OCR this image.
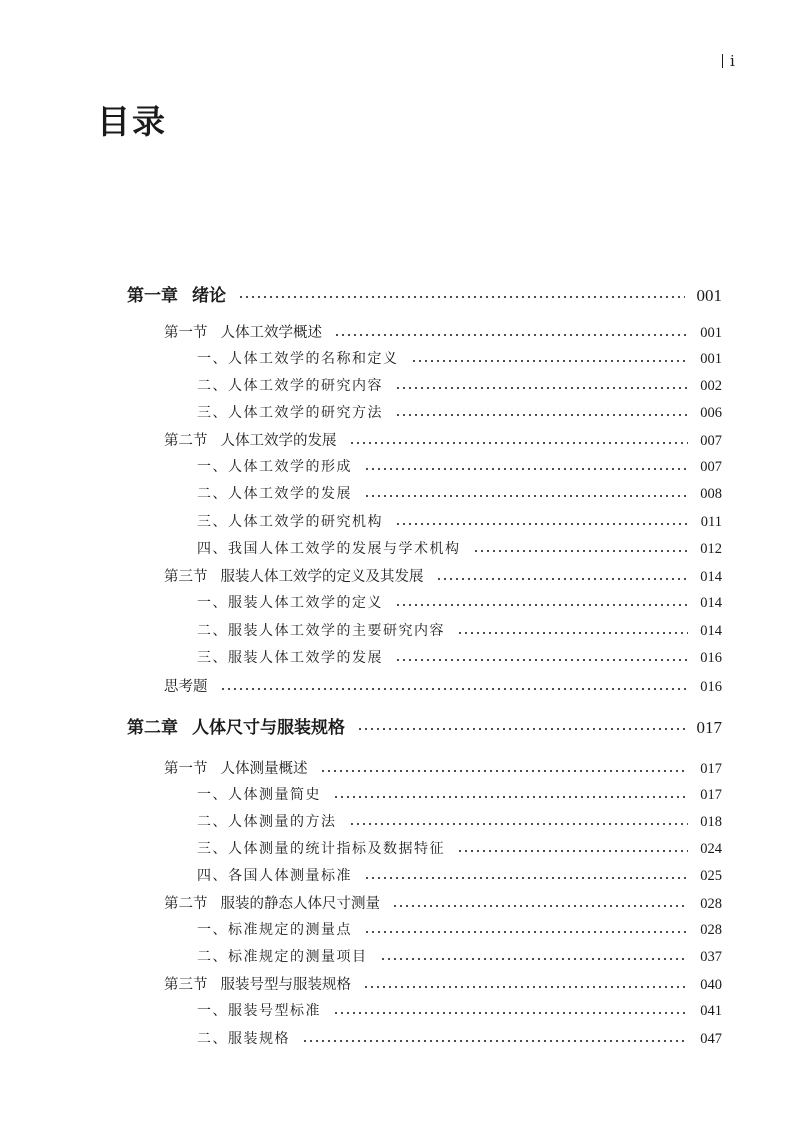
i
目录
第一章 绪论	001
第一节 人体工效学概述	001
一、人体工效学的名称和定义	001
二、人体工效学的研究内容	002
三、人体工效学的研究方法	006
第二节 人体工效学的发展	007
一、人体工效学的形成	007
二、人体工效学的发展	008
三、人体工效学的研究机构	011
四、我国人体工效学的发展与学术机构	012
第三节 服装人体工效学的定义及其发展	014
一、服装人体工效学的定义	014
二、服装人体工效学的主要研究内容	014
三、服装人体工效学的发展	016
思考题	016
第二章 人体尺寸与服装规格	017
第一节 人体测量概述	017
一、人体测量简史	017
二、人体测量的方法	018
三、人体测量的统计指标及数据特征	024
四、各国人体测量标准	025
第二节 服装的静态人体尺寸测量	028
一、标准规定的测量点	028
二、标准规定的测量项目	037
第三节 服装号型与服装规格	040
一、服装号型标准	041
二、服装规格	047
